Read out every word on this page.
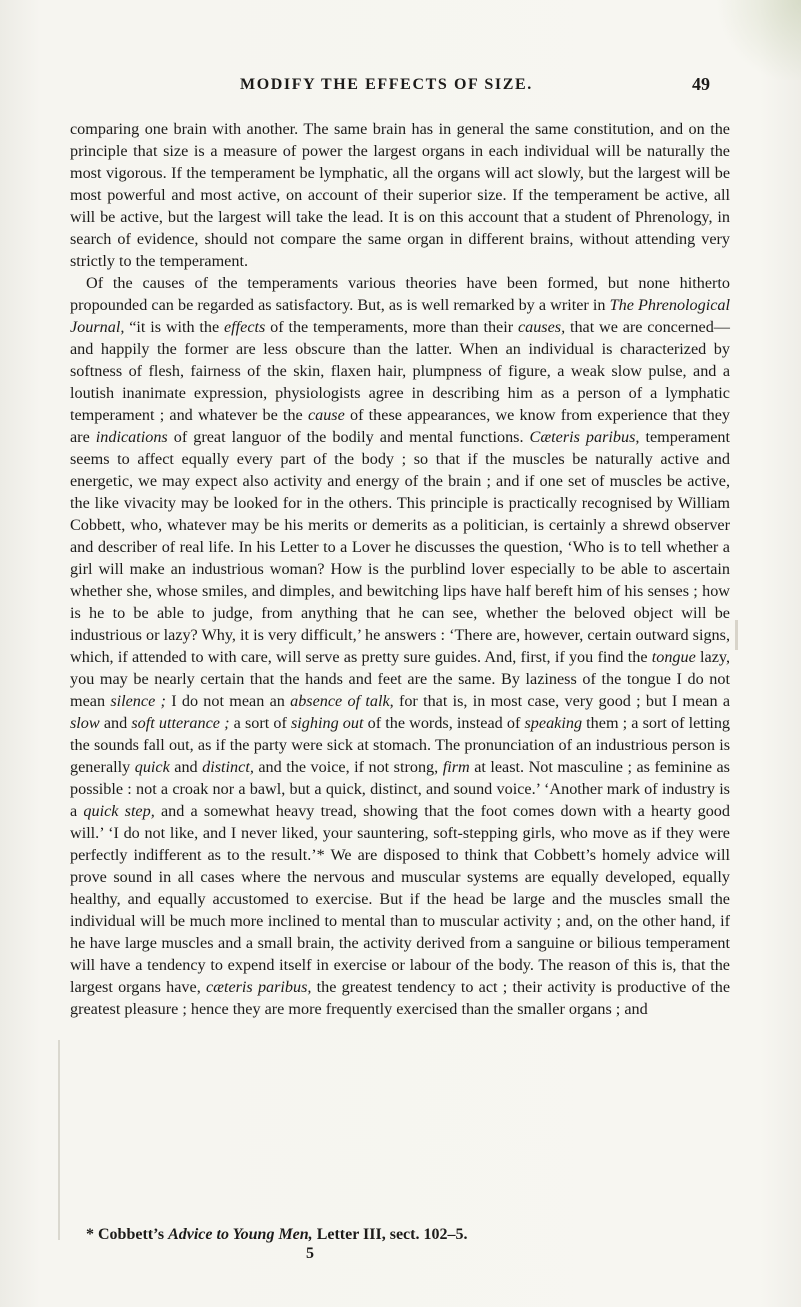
MODIFY THE EFFECTS OF SIZE.	49

comparing one brain with another. The same brain has in general the same constitution, and on the principle that size is a measure of power the largest organs in each individual will be naturally the most vigorous. If the temperament be lymphatic, all the organs will act slowly, but the largest will be most powerful and most active, on account of their superior size. If the temperament be active, all will be active, but the largest will take the lead. It is on this account that a student of Phrenology, in search of evidence, should not compare the same organ in different brains, without attending very strictly to the temperament.

Of the causes of the temperaments various theories have been formed, but none hitherto propounded can be regarded as satisfactory. But, as is well remarked by a writer in The Phrenological Journal, “it is with the effects of the temperaments, more than their causes, that we are concerned—and happily the former are less obscure than the latter. When an individual is characterized by softness of flesh, fairness of the skin, flaxen hair, plumpness of figure, a weak slow pulse, and a loutish inanimate expression, physiologists agree in describing him as a person of a lymphatic temperament ; and whatever be the cause of these appearances, we know from experience that they are indications of great languor of the bodily and mental functions. Cæteris paribus, temperament seems to affect equally every part of the body ; so that if the muscles be naturally active and energetic, we may expect also activity and energy of the brain ; and if one set of muscles be active, the like vivacity may be looked for in the others. This principle is practically recognised by William Cobbett, who, whatever may be his merits or demerits as a politician, is certainly a shrewd observer and describer of real life. In his Letter to a Lover he discusses the question, ‘Who is to tell whether a girl will make an industrious woman? How is the purblind lover especially to be able to ascertain whether she, whose smiles, and dimples, and bewitching lips have half bereft him of his senses ; how is he to be able to judge, from anything that he can see, whether the beloved object will be industrious or lazy? Why, it is very difficult,’ he answers : ‘There are, however, certain outward signs, which, if attended to with care, will serve as pretty sure guides. And, first, if you find the tongue lazy, you may be nearly certain that the hands and feet are the same. By laziness of the tongue I do not mean silence ; I do not mean an absence of talk, for that is, in most case, very good ; but I mean a slow and soft utterance ; a sort of sighing out of the words, instead of speaking them ; a sort of letting the sounds fall out, as if the party were sick at stomach. The pronunciation of an industrious person is generally quick and distinct, and the voice, if not strong, firm at least. Not masculine ; as feminine as possible : not a croak nor a bawl, but a quick, distinct, and sound voice.’ ‘Another mark of industry is a quick step, and a somewhat heavy tread, showing that the foot comes down with a hearty good will.’ ‘I do not like, and I never liked, your sauntering, soft-stepping girls, who move as if they were perfectly indifferent as to the result.’* We are disposed to think that Cobbett’s homely advice will prove sound in all cases where the nervous and muscular systems are equally developed, equally healthy, and equally accustomed to exercise. But if the head be large and the muscles small the individual will be much more inclined to mental than to muscular activity ; and, on the other hand, if he have large muscles and a small brain, the activity derived from a sanguine or bilious temperament will have a tendency to expend itself in exercise or labour of the body. The reason of this is, that the largest organs have, cæteris paribus, the greatest tendency to act ; their activity is productive of the greatest pleasure ; hence they are more frequently exercised than the smaller organs ; and

* Cobbett’s Advice to Young Men, Letter III, sect. 102–5.
5
